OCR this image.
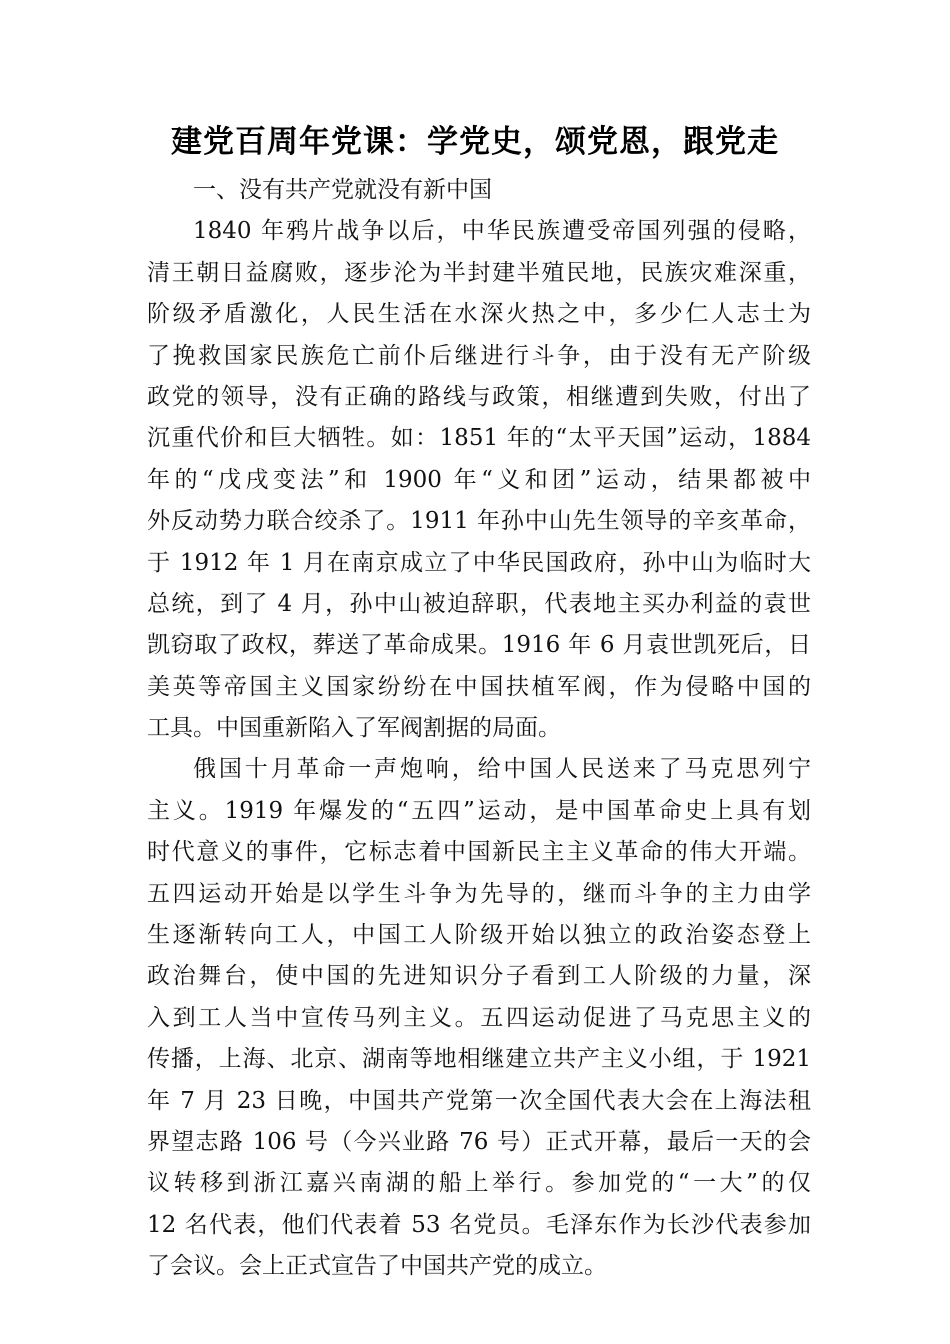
建党百周年党课：学党史，颂党恩，跟党走
一、没有共产党就没有新中国
1840 年鸦片战争以后，中华民族遭受帝国列强的侵略，
清王朝日益腐败，逐步沦为半封建半殖民地，民族灾难深重，
阶级矛盾激化，人民生活在水深火热之中，多少仁人志士为
了挽救国家民族危亡前仆后继进行斗争，由于没有无产阶级
政党的领导，没有正确的路线与政策，相继遭到失败，付出了
沉重代价和巨大牺牲。如：1851 年的“太平天国”运动，1884
年的“戊戌变法”和 1900 年“义和团”运动，结果都被中
外反动势力联合绞杀了。1911 年孙中山先生领导的辛亥革命，
于 1912 年 1 月在南京成立了中华民国政府，孙中山为临时大
总统，到了 4 月，孙中山被迫辞职，代表地主买办利益的袁世
凯窃取了政权，葬送了革命成果。1916 年 6 月袁世凯死后，日
美英等帝国主义国家纷纷在中国扶植军阀，作为侵略中国的
工具。中国重新陷入了军阀割据的局面。
俄国十月革命一声炮响，给中国人民送来了马克思列宁
主义。1919 年爆发的“五四”运动，是中国革命史上具有划
时代意义的事件，它标志着中国新民主主义革命的伟大开端。
五四运动开始是以学生斗争为先导的，继而斗争的主力由学
生逐渐转向工人，中国工人阶级开始以独立的政治姿态登上
政治舞台，使中国的先进知识分子看到工人阶级的力量，深
入到工人当中宣传马列主义。五四运动促进了马克思主义的
传播，上海、北京、湖南等地相继建立共产主义小组，于 1921
年 7 月 23 日晚，中国共产党第一次全国代表大会在上海法租
界望志路 106 号（今兴业路 76 号）正式开幕，最后一天的会
议转移到浙江嘉兴南湖的船上举行。参加党的“一大”的仅
12 名代表，他们代表着 53 名党员。毛泽东作为长沙代表参加
了会议。会上正式宣告了中国共产党的成立。
